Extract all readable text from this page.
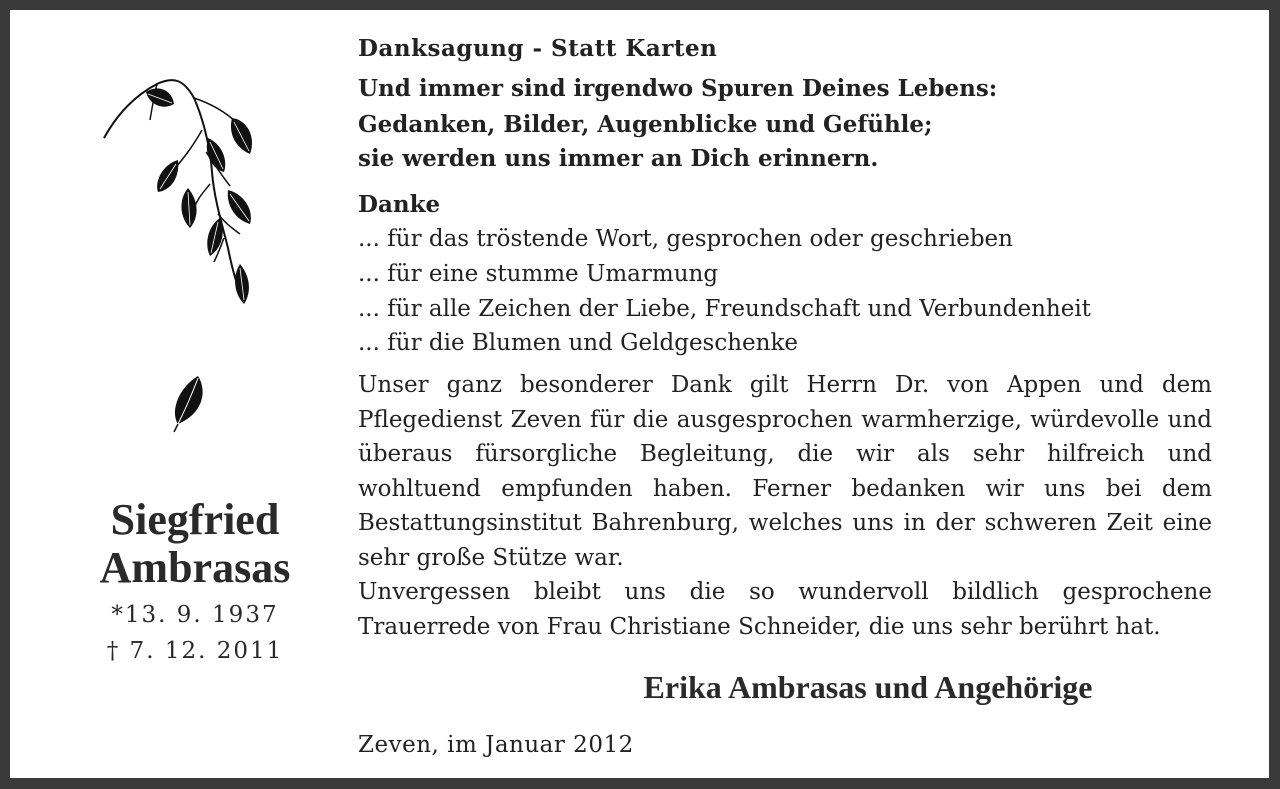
Siegfried
Ambrasas
*13. 9. 1937
† 7. 12. 2011
Danksagung - Statt Karten
Und immer sind irgendwo Spuren Deines Lebens:
Gedanken, Bilder, Augenblicke und Gefühle;
sie werden uns immer an Dich erinnern.
Danke
... für das tröstende Wort, gesprochen oder geschrieben
... für eine stumme Umarmung
... für alle Zeichen der Liebe, Freundschaft und Verbundenheit
... für die Blumen und Geldgeschenke
Unser ganz besonderer Dank gilt Herrn Dr. von Appen und dem Pflegedienst Zeven für die ausgesprochen warmherzige, würdevolle und überaus fürsorgliche Begleitung, die wir als sehr hilfreich und wohltuend empfunden haben. Ferner bedanken wir uns bei dem Bestattungsinstitut Bahrenburg, welches uns in der schweren Zeit eine sehr große Stütze war.
Unvergessen bleibt uns die so wundervoll bildlich gesprochene Trauerrede von Frau Christiane Schneider, die uns sehr berührt hat.
Erika Ambrasas und Angehörige
Zeven, im Januar 2012
